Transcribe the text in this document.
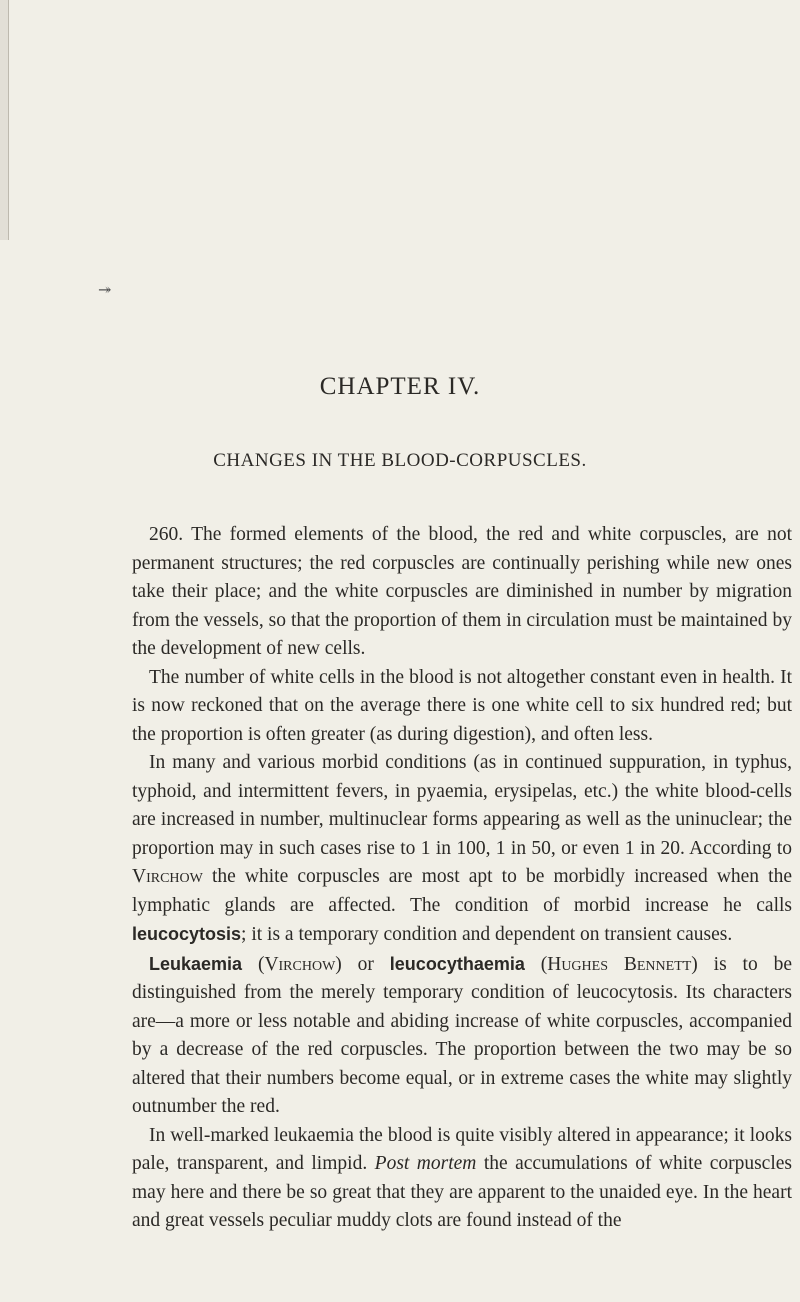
↠
CHAPTER IV.
CHANGES IN THE BLOOD-CORPUSCLES.

260. The formed elements of the blood, the red and white corpuscles, are not permanent structures; the red corpuscles are continually perishing while new ones take their place; and the white corpuscles are diminished in number by migration from the vessels, so that the proportion of them in circulation must be maintained by the development of new cells.

The number of white cells in the blood is not altogether constant even in health. It is now reckoned that on the average there is one white cell to six hundred red; but the proportion is often greater (as during digestion), and often less.

In many and various morbid conditions (as in continued suppuration, in typhus, typhoid, and intermittent fevers, in pyaemia, erysipelas, etc.) the white blood-cells are increased in number, multinuclear forms appearing as well as the uninuclear; the proportion may in such cases rise to 1 in 100, 1 in 50, or even 1 in 20. According to Virchow the white corpuscles are most apt to be morbidly increased when the lymphatic glands are affected. The condition of morbid increase he calls leucocytosis; it is a temporary condition and dependent on transient causes.

Leukaemia (Virchow) or leucocythaemia (Hughes Bennett) is to be distinguished from the merely temporary condition of leucocytosis. Its characters are—a more or less notable and abiding increase of white corpuscles, accompanied by a decrease of the red corpuscles. The proportion between the two may be so altered that their numbers become equal, or in extreme cases the white may slightly outnumber the red.

In well-marked leukaemia the blood is quite visibly altered in appearance; it looks pale, transparent, and limpid. Post mortem the accumulations of white corpuscles may here and there be so great that they are apparent to the unaided eye. In the heart and great vessels peculiar muddy clots are found instead of the
